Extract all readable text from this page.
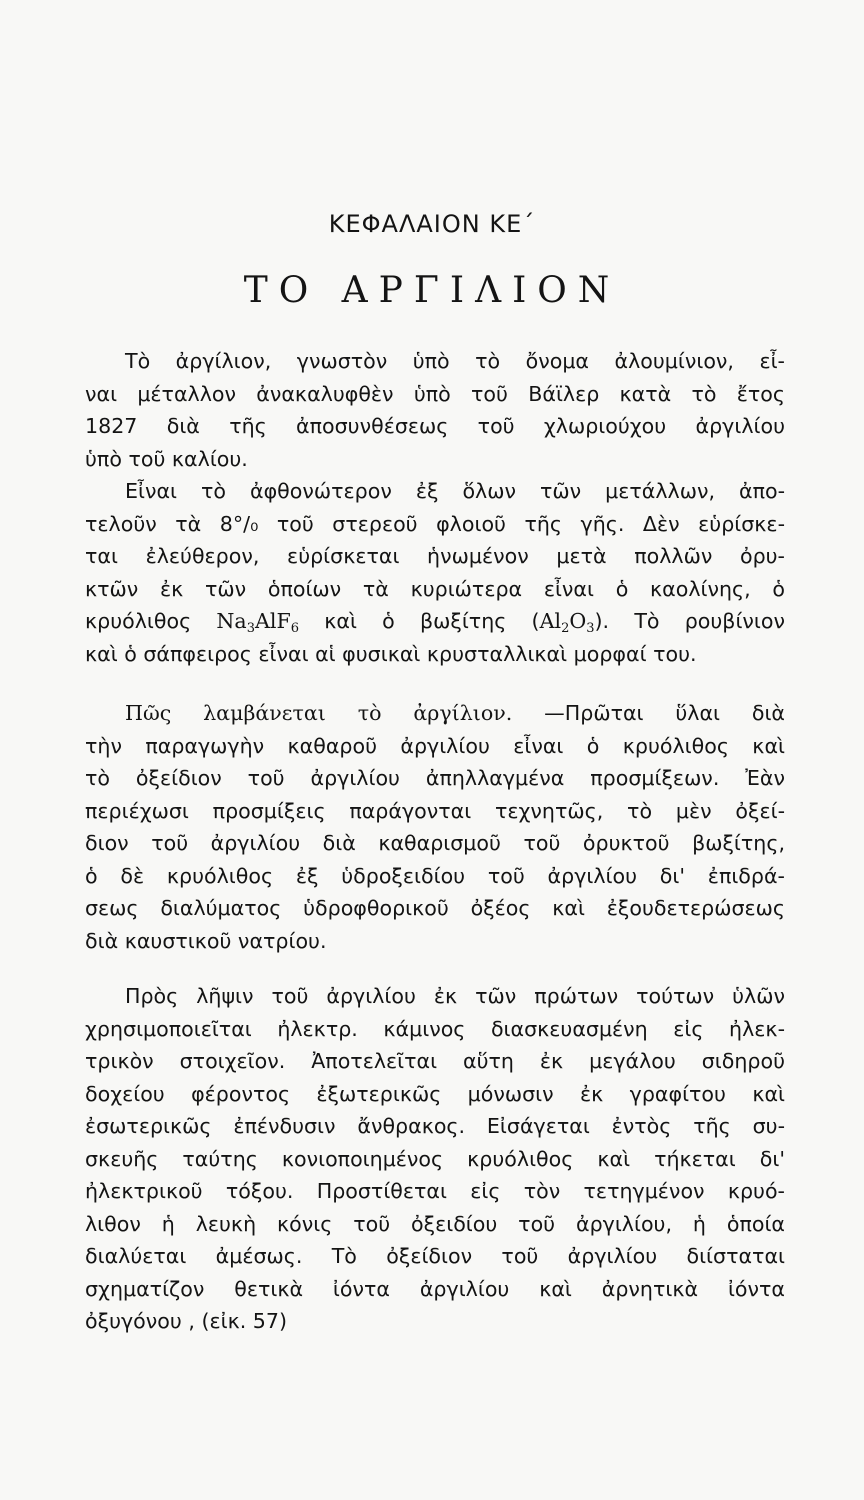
ΚΕΦΑΛΑΙΟΝ ΚΕ΄
ΤΟ ΑΡΓΙΛΙΟΝ
Τὸ ἀργίλιον, γνωστὸν ὑπὸ τὸ ὄνομα ἀλουμίνιον, εἶ-
ναι μέταλλον ἀνακαλυφθὲν ὑπὸ τοῦ Βάϊλερ κατὰ τὸ ἔτος
1827 διὰ τῆς ἀποσυνθέσεως τοῦ χλωριούχου ἀργιλίου
ὑπὸ τοῦ καλίου.
Εἶναι τὸ ἀφθονώτερον ἐξ ὅλων τῶν μετάλλων, ἀπο-
τελοῦν τὰ 8°/₀ τοῦ στερεοῦ φλοιοῦ τῆς γῆς. Δὲν εὑρίσκε-
ται ἐλεύθερον, εὑρίσκεται ἡνωμένον μετὰ πολλῶν ὀρυ-
κτῶν ἐκ τῶν ὁποίων τὰ κυριώτερα εἶναι ὁ καολίνης, ὁ
κρυόλιθος $Na_3AlF_6$ καὶ ὁ βωξίτης $(Al_2O_3)$. Τὸ ρουβίνιον
καὶ ὁ σάπφειρος εἶναι αἱ φυσικαὶ κρυσταλλικαὶ μορφαί του.
Πῶς λαμβάνεται τὸ ἀργίλιον. —Πρῶται ὕλαι διὰ
τὴν παραγωγὴν καθαροῦ ἀργιλίου εἶναι ὁ κρυόλιθος καὶ
τὸ ὀξείδιον τοῦ ἀργιλίου ἀπηλλαγμένα προσμίξεων. Ἐὰν
περιέχωσι προσμίξεις παράγονται τεχνητῶς, τὸ μὲν ὀξεί-
διον τοῦ ἀργιλίου διὰ καθαρισμοῦ τοῦ ὀρυκτοῦ βωξίτης,
ὁ δὲ κρυόλιθος ἐξ ὑδροξειδίου τοῦ ἀργιλίου δι' ἐπιδρά-
σεως διαλύματος ὑδροφθορικοῦ ὀξέος καὶ ἐξουδετερώσεως
διὰ καυστικοῦ νατρίου.
Πρὸς λῆψιν τοῦ ἀργιλίου ἐκ τῶν πρώτων τούτων ὑλῶν
χρησιμοποιεῖται ἠλεκτρ. κάμινος διασκευασμένη εἰς ἠλεκ-
τρικὸν στοιχεῖον. Ἀποτελεῖται αὕτη ἐκ μεγάλου σιδηροῦ
δοχείου φέροντος ἐξωτερικῶς μόνωσιν ἐκ γραφίτου καὶ
ἐσωτερικῶς ἐπένδυσιν ἄνθρακος. Εἰσάγεται ἐντὸς τῆς συ-
σκευῆς ταύτης κονιοποιημένος κρυόλιθος καὶ τήκεται δι'
ἠλεκτρικοῦ τόξου. Προστίθεται εἰς τὸν τετηγμένον κρυό-
λιθον ἡ λευκὴ κόνις τοῦ ὀξειδίου τοῦ ἀργιλίου, ἡ ὁποία
διαλύεται ἀμέσως. Τὸ ὀξείδιον τοῦ ἀργιλίου διίσταται
σχηματίζον θετικὰ ἰόντα ἀργιλίου καὶ ἀρνητικὰ ἰόντα
ὀξυγόνου , (εἰκ. 57)
